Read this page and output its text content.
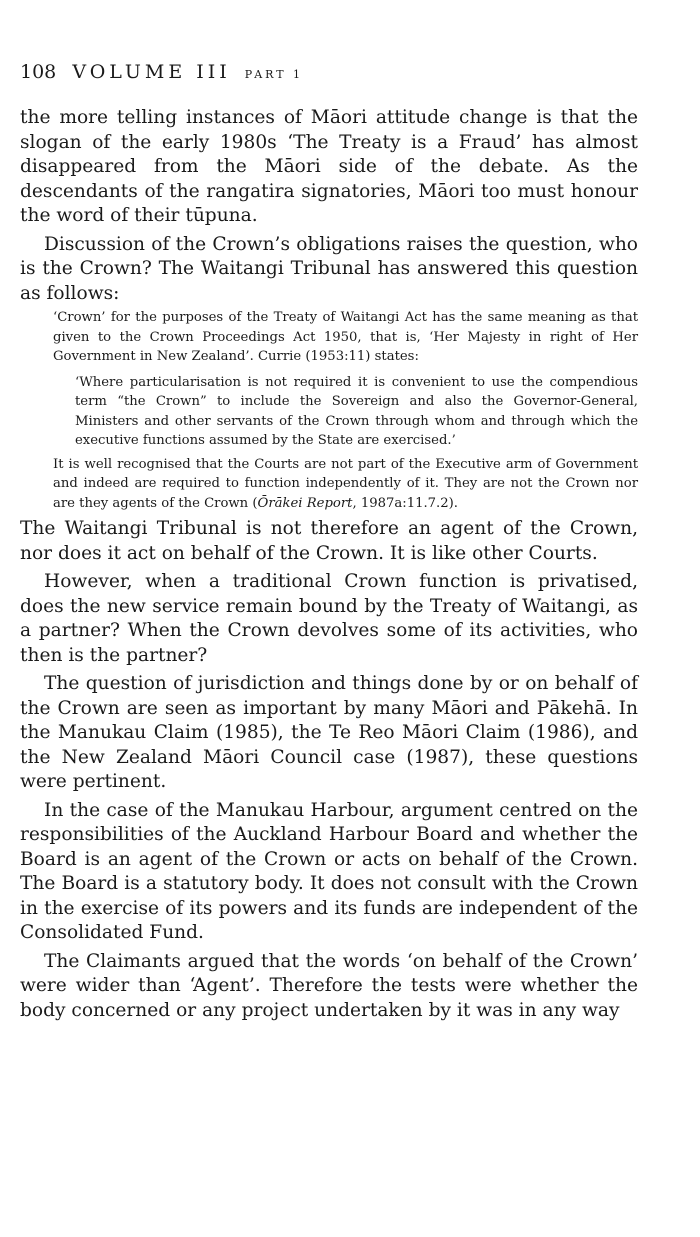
108 VOLUME III PART 1

the more telling instances of Māori attitude change is that the slogan of the early 1980s ‘The Treaty is a Fraud’ has almost disappeared from the Māori side of the debate. As the descendants of the rangatira signatories, Māori too must honour the word of their tūpuna.

Discussion of the Crown’s obligations raises the question, who is the Crown? The Waitangi Tribunal has answered this question as follows:

‘Crown’ for the purposes of the Treaty of Waitangi Act has the same meaning as that given to the Crown Proceedings Act 1950, that is, ‘Her Majesty in right of Her Government in New Zealand’. Currie (1953:11) states:

‘Where particularisation is not required it is convenient to use the compendious term “the Crown” to include the Sovereign and also the Governor-General, Ministers and other servants of the Crown through whom and through which the executive functions assumed by the State are exercised.’

It is well recognised that the Courts are not part of the Executive arm of Government and indeed are required to function independently of it. They are not the Crown nor are they agents of the Crown (Ōrākei Report, 1987a:11.7.2).

The Waitangi Tribunal is not therefore an agent of the Crown, nor does it act on behalf of the Crown. It is like other Courts.

However, when a traditional Crown function is privatised, does the new service remain bound by the Treaty of Waitangi, as a partner? When the Crown devolves some of its activities, who then is the partner?

The question of jurisdiction and things done by or on behalf of the Crown are seen as important by many Māori and Pākehā. In the Manukau Claim (1985), the Te Reo Māori Claim (1986), and the New Zealand Māori Council case (1987), these questions were pertinent.

In the case of the Manukau Harbour, argument centred on the responsibilities of the Auckland Harbour Board and whether the Board is an agent of the Crown or acts on behalf of the Crown. The Board is a statutory body. It does not consult with the Crown in the exercise of its powers and its funds are independent of the Consolidated Fund.

The Claimants argued that the words ‘on behalf of the Crown’ were wider than ‘Agent’. Therefore the tests were whether the body concerned or any project undertaken by it was in any way
